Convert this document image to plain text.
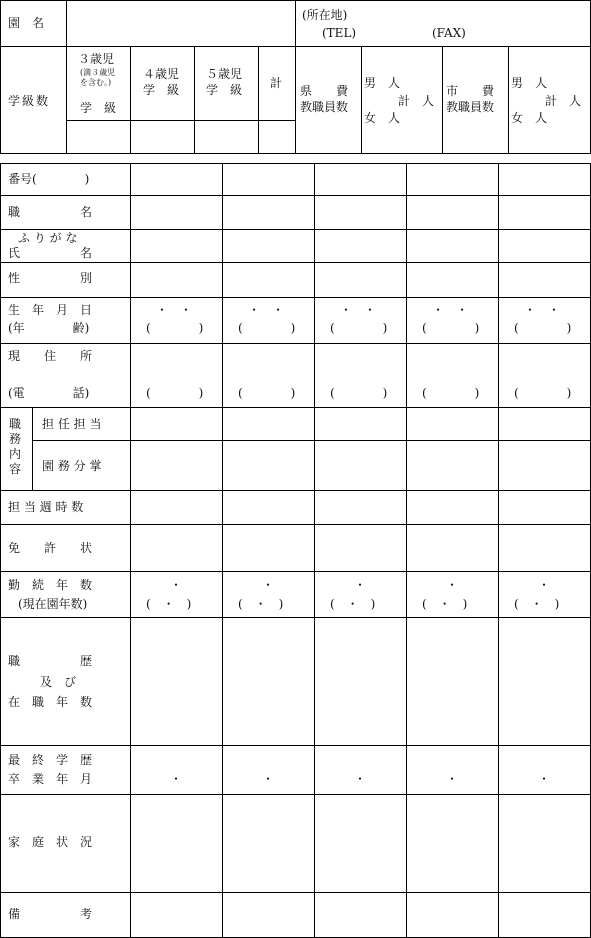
園　名
(所在地)
(TEL)	(FAX)
学級数
３歳児
(満３歳児
を含む。)
学　級
４歳児
学　級
５歳児
学　級 計
県　　費
教職員数
男　人
計　人
女　人
市　　費
教職員数
男　人
計　人
女　人
番号(　　　　)
職　　　　　名
ふ り が な
氏　　　　　名
性　　　　　別
生　年　月　日
(年　　　　齢)
現　　住　　所
(電　　　　話)
職務内容
担 任 担 当
園 務 分 掌
担 当 週 時 数
免　　許　　状
勤　続　年　数
(現在園年数)
職　　　　　歴
及　び
在　職　年　数
最　終　学　歴
卒　業　年　月
家　庭　状　況
備　　　　　考
・ ・
(　　　　)
(　　　　)
・
(　・　)
・
・ ・
(　　　　)
(　　　　)
・
(　・　)
・
・ ・
(　　　　)
(　　　　)
・
(　・　)
・
・ ・
(　　　　)
(　　　　)
・
(　・　)
・
・ ・
(　　　　)
(　　　　)
・
(　・　)
・
